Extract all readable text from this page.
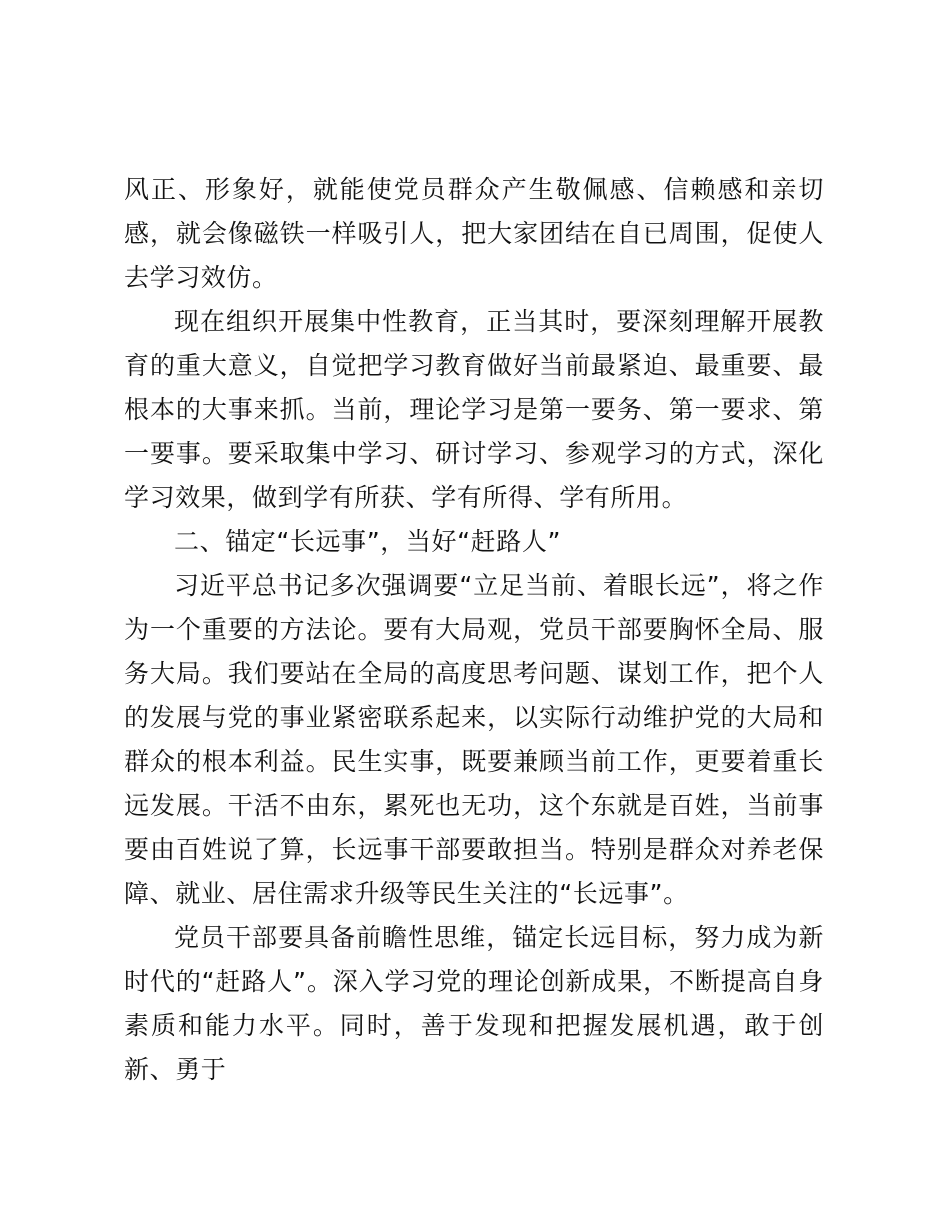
风正、形象好，就能使党员群众产生敬佩感、信赖感和亲切感，就会像磁铁一样吸引人，把大家团结在自已周围，促使人去学习效仿。

现在组织开展集中性教育，正当其时，要深刻理解开展教育的重大意义，自觉把学习教育做好当前最紧迫、最重要、最根本的大事来抓。当前，理论学习是第一要务、第一要求、第一要事。要采取集中学习、研讨学习、参观学习的方式，深化学习效果，做到学有所获、学有所得、学有所用。

二、锚定“长远事”，当好“赶路人”

习近平总书记多次强调要“立足当前、着眼长远”，将之作为一个重要的方法论。要有大局观，党员干部要胸怀全局、服务大局。我们要站在全局的高度思考问题、谋划工作，把个人的发展与党的事业紧密联系起来，以实际行动维护党的大局和群众的根本利益。民生实事，既要兼顾当前工作，更要着重长远发展。干活不由东，累死也无功，这个东就是百姓，当前事要由百姓说了算，长远事干部要敢担当。特别是群众对养老保障、就业、居住需求升级等民生关注的“长远事”。

党员干部要具备前瞻性思维，锚定长远目标，努力成为新时代的“赶路人”。深入学习党的理论创新成果，不断提高自身素质和能力水平。同时，善于发现和把握发展机遇，敢于创新、勇于
